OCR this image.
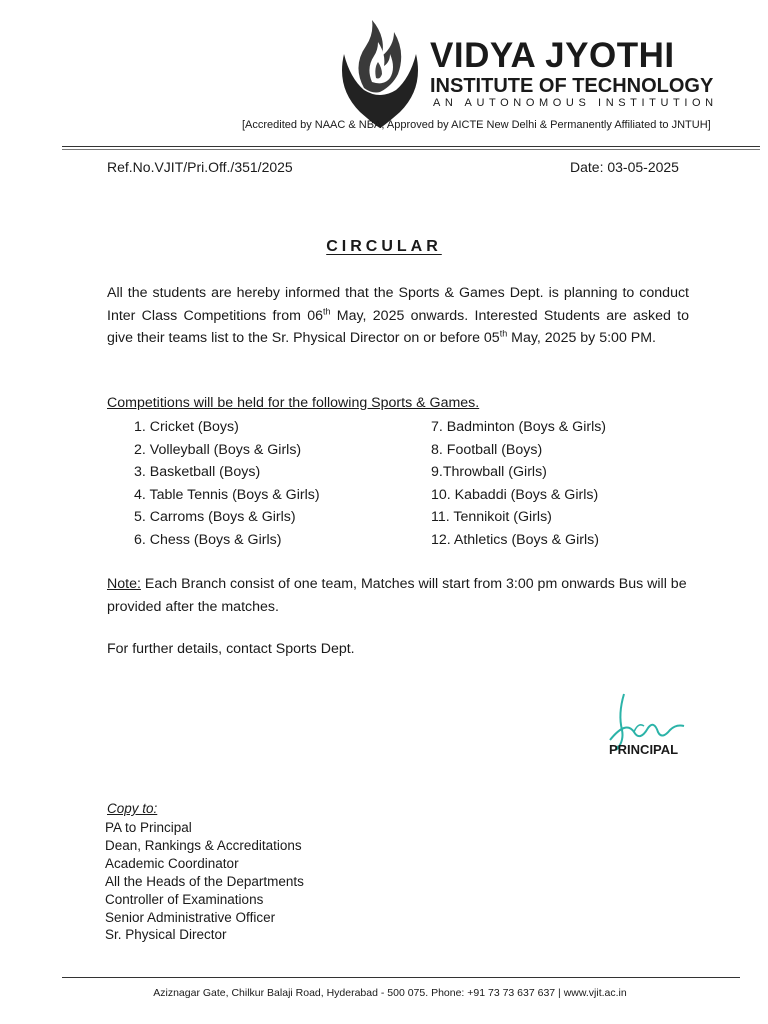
VIDYA JYOTHI
INSTITUTE OF TECHNOLOGY
AN AUTONOMOUS INSTITUTION
[Accredited by NAAC & NBA, Approved by AICTE New Delhi & Permanently Affiliated to JNTUH]
Ref.No.VJIT/Pri.Off./351/2025	Date: 03-05-2025
CIRCULAR
All the students are hereby informed that the Sports & Games Dept. is planning to conduct Inter Class Competitions from 06th May, 2025 onwards. Interested Students are asked to give their teams list to the Sr. Physical Director on or before 05th May, 2025 by 5:00 PM.
Competitions will be held for the following Sports & Games.
1. Cricket (Boys)
2. Volleyball (Boys & Girls)
3. Basketball (Boys)
4. Table Tennis (Boys & Girls)
5. Carroms (Boys & Girls)
6. Chess (Boys & Girls)
7. Badminton (Boys & Girls)
8. Football (Boys)
9.Throwball (Girls)
10. Kabaddi (Boys & Girls)
11. Tennikoit (Girls)
12. Athletics (Boys & Girls)
Note: Each Branch consist of one team, Matches will start from 3:00 pm onwards Bus will be provided after the matches.
For further details, contact Sports Dept.
PRINCIPAL
Copy to:
PA to Principal
Dean, Rankings & Accreditations
Academic Coordinator
All the Heads of the Departments
Controller of Examinations
Senior Administrative Officer
Sr. Physical Director
Aziznagar Gate, Chilkur Balaji Road, Hyderabad - 500 075. Phone: +91 73 73 637 637 | www.vjit.ac.in
